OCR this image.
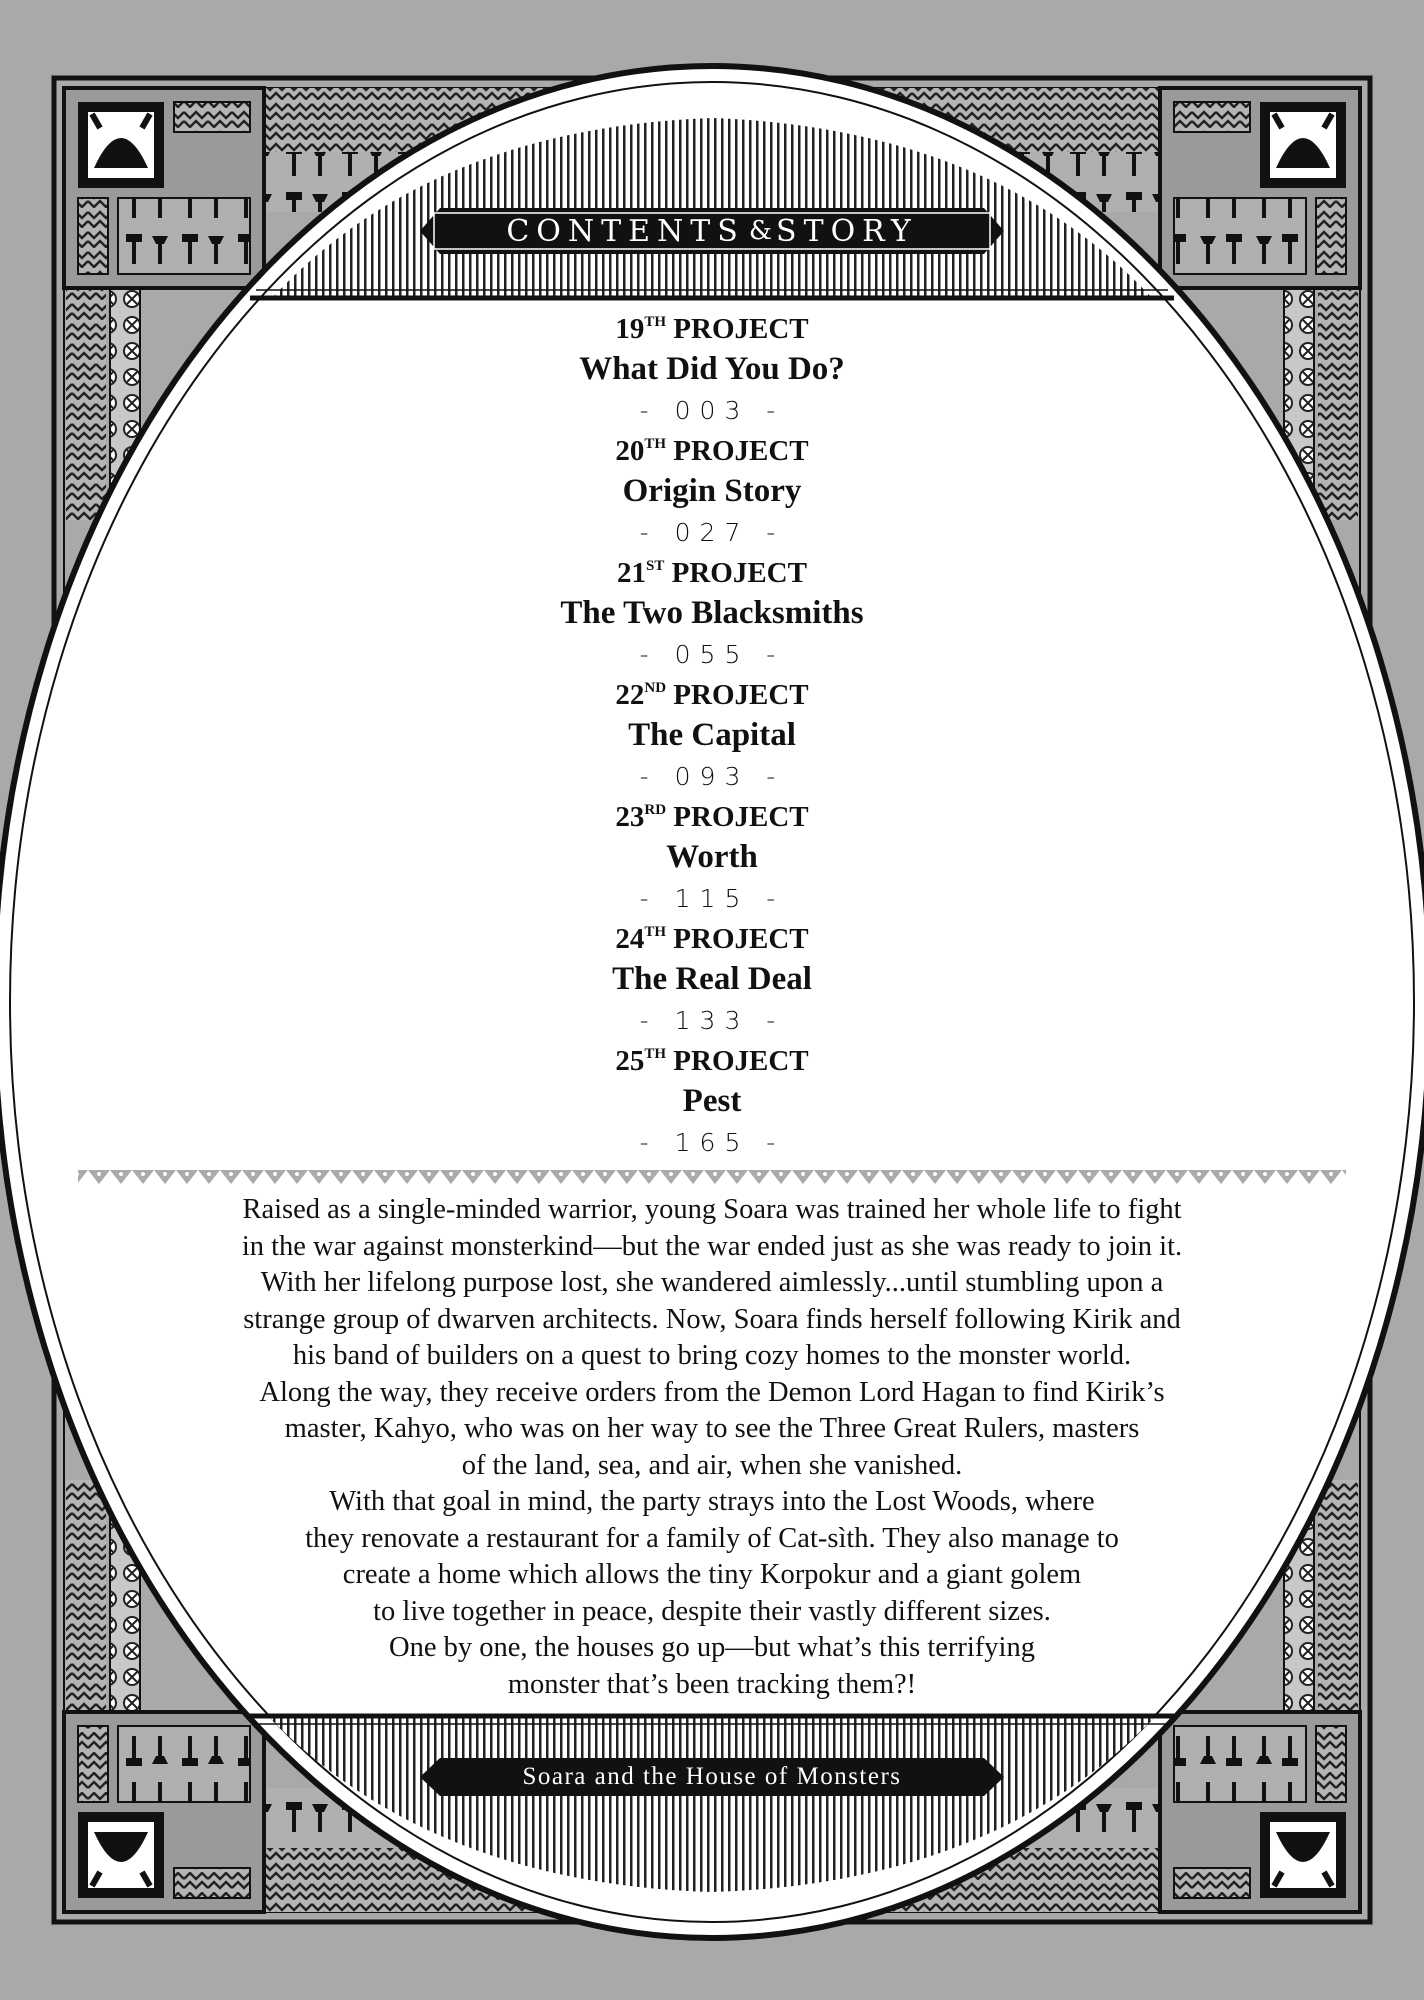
CONTENTS & STORY
19TH PROJECT
What Did You Do?
- 003 -
20TH PROJECT
Origin Story
- 027 -
21ST PROJECT
The Two Blacksmiths
- 055 -
22ND PROJECT
The Capital
- 093 -
23RD PROJECT
Worth
- 115 -
24TH PROJECT
The Real Deal
- 133 -
25TH PROJECT
Pest
- 165 -

Raised as a single-minded warrior, young Soara was trained her whole life to fight

in the war against monsterkind—but the war ended just as she was ready to join it.

With her lifelong purpose lost, she wandered aimlessly...until stumbling upon a

strange group of dwarven architects. Now, Soara finds herself following Kirik and

his band of builders on a quest to bring cozy homes to the monster world.

Along the way, they receive orders from the Demon Lord Hagan to find Kirik’s

master, Kahyo, who was on her way to see the Three Great Rulers, masters

of the land, sea, and air, when she vanished.

With that goal in mind, the party strays into the Lost Woods, where

they renovate a restaurant for a family of Cat-sìth. They also manage to

create a home which allows the tiny Korpokur and a giant golem

to live together in peace, despite their vastly different sizes.

One by one, the houses go up—but what’s this terrifying

monster that’s been tracking them?!

Soara and the House of Monsters
